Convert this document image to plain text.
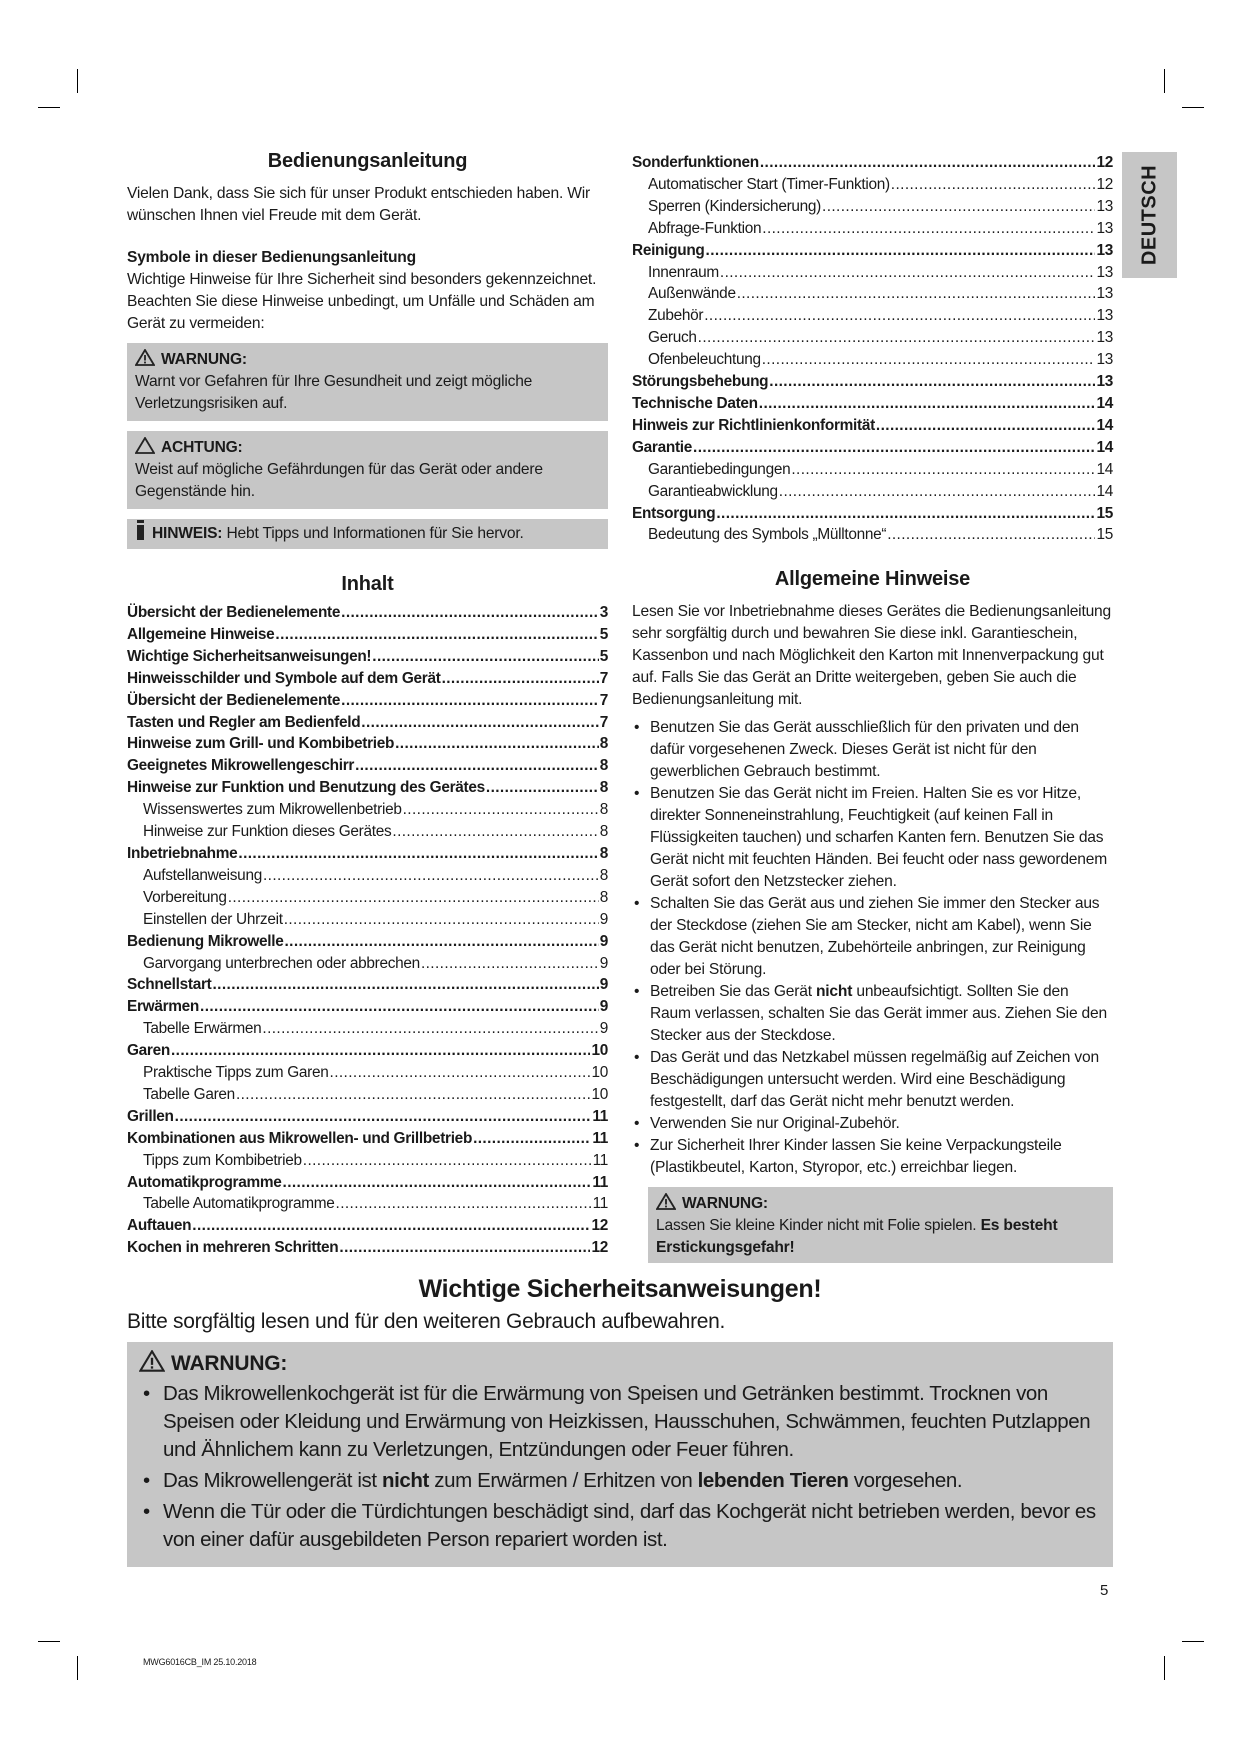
DEUTSCH
Bedienungsanleitung

Vielen Dank, dass Sie sich für unser Produkt entschieden haben. Wir wünschen Ihnen viel Freude mit dem Gerät.

Symbole in dieser Bedienungsanleitung

Wichtige Hinweise für Ihre Sicherheit sind besonders gekennzeichnet. Beachten Sie diese Hinweise unbedingt, um Unfälle und Schäden am Gerät zu vermeiden:

WARNUNG:
Warnt vor Gefahren für Ihre Gesundheit und zeigt mögliche Verletzungsrisiken auf.
ACHTUNG:
Weist auf mögliche Gefährdungen für das Gerät oder andere Gegenstände hin.
HINWEIS: Hebt Tipps und Informationen für Sie hervor.
Inhalt
Übersicht der Bedienelemente .....	3
Allgemeine Hinweise .....	5
Wichtige Sicherheitsanweisungen! .....	5
Hinweisschilder und Symbole auf dem Gerät .....	7
Übersicht der Bedienelemente .....	7
Tasten und Regler am Bedienfeld .....	7
Hinweise zum Grill- und Kombibetrieb .....	8
Geeignetes Mikrowellengeschirr .....	8
Hinweise zur Funktion und Benutzung des Gerätes .....	8
Wissenswertes zum Mikrowellenbetrieb .....	8
Hinweise zur Funktion dieses Gerätes .....	8
Inbetriebnahme .....	8
Aufstellanweisung .....	8
Vorbereitung .....	8
Einstellen der Uhrzeit .....	9
Bedienung Mikrowelle .....	9
Garvorgang unterbrechen oder abbrechen .....	9
Schnellstart .....	9
Erwärmen .....	9
Tabelle Erwärmen .....	9
Garen .....	10
Praktische Tipps zum Garen .....	10
Tabelle Garen .....	10
Grillen .....	11
Kombinationen aus Mikrowellen- und Grillbetrieb .....	11
Tipps zum Kombibetrieb .....	11
Automatikprogramme .....	11
Tabelle Automatikprogramme .....	11
Auftauen .....	12
Kochen in mehreren Schritten .....	12
Sonderfunktionen .....	12
Automatischer Start (Timer-Funktion) .....	12
Sperren (Kindersicherung) .....	13
Abfrage-Funktion .....	13
Reinigung .....	13
Innenraum .....	13
Außenwände .....	13
Zubehör .....	13
Geruch .....	13
Ofenbeleuchtung .....	13
Störungsbehebung .....	13
Technische Daten .....	14
Hinweis zur Richtlinienkonformität .....	14
Garantie .....	14
Garantiebedingungen .....	14
Garantieabwicklung .....	14
Entsorgung .....	15
Bedeutung des Symbols „Mülltonne“ .....	15
Allgemeine Hinweise

Lesen Sie vor Inbetriebnahme dieses Gerätes die Bedienungsanleitung sehr sorgfältig durch und bewahren Sie diese inkl. Garantieschein, Kassenbon und nach Möglichkeit den Karton mit Innenverpackung gut auf. Falls Sie das Gerät an Dritte weitergeben, geben Sie auch die Bedienungsanleitung mit.

• Benutzen Sie das Gerät ausschließlich für den privaten und den dafür vorgesehenen Zweck. Dieses Gerät ist nicht für den gewerblichen Gebrauch bestimmt.
• Benutzen Sie das Gerät nicht im Freien. Halten Sie es vor Hitze, direkter Sonneneinstrahlung, Feuchtigkeit (auf keinen Fall in Flüssigkeiten tauchen) und scharfen Kanten fern. Benutzen Sie das Gerät nicht mit feuchten Händen. Bei feucht oder nass gewordenem Gerät sofort den Netzstecker ziehen.
• Schalten Sie das Gerät aus und ziehen Sie immer den Stecker aus der Steckdose (ziehen Sie am Stecker, nicht am Kabel), wenn Sie das Gerät nicht benutzen, Zubehörteile anbringen, zur Reinigung oder bei Störung.
• Betreiben Sie das Gerät nicht unbeaufsichtigt. Sollten Sie den Raum verlassen, schalten Sie das Gerät immer aus. Ziehen Sie den Stecker aus der Steckdose.
• Das Gerät und das Netzkabel müssen regelmäßig auf Zeichen von Beschädigungen untersucht werden. Wird eine Beschädigung festgestellt, darf das Gerät nicht mehr benutzt werden.
• Verwenden Sie nur Original-Zubehör.
• Zur Sicherheit Ihrer Kinder lassen Sie keine Verpackungsteile (Plastikbeutel, Karton, Styropor, etc.) erreichbar liegen.
WARNUNG:
Lassen Sie kleine Kinder nicht mit Folie spielen. Es besteht Erstickungsgefahr!
Wichtige Sicherheitsanweisungen!
Bitte sorgfältig lesen und für den weiteren Gebrauch aufbewahren.
WARNUNG:
• Das Mikrowellenkochgerät ist für die Erwärmung von Speisen und Getränken bestimmt. Trocknen von Speisen oder Kleidung und Erwärmung von Heizkissen, Hausschuhen, Schwämmen, feuchten Putzlappen und Ähnlichem kann zu Verletzungen, Entzündungen oder Feuer führen.
• Das Mikrowellengerät ist nicht zum Erwärmen / Erhitzen von lebenden Tieren vorgesehen.
• Wenn die Tür oder die Türdichtungen beschädigt sind, darf das Kochgerät nicht betrieben werden, bevor es von einer dafür ausgebildeten Person repariert worden ist.
5
MWG6016CB_IM 25.10.2018
